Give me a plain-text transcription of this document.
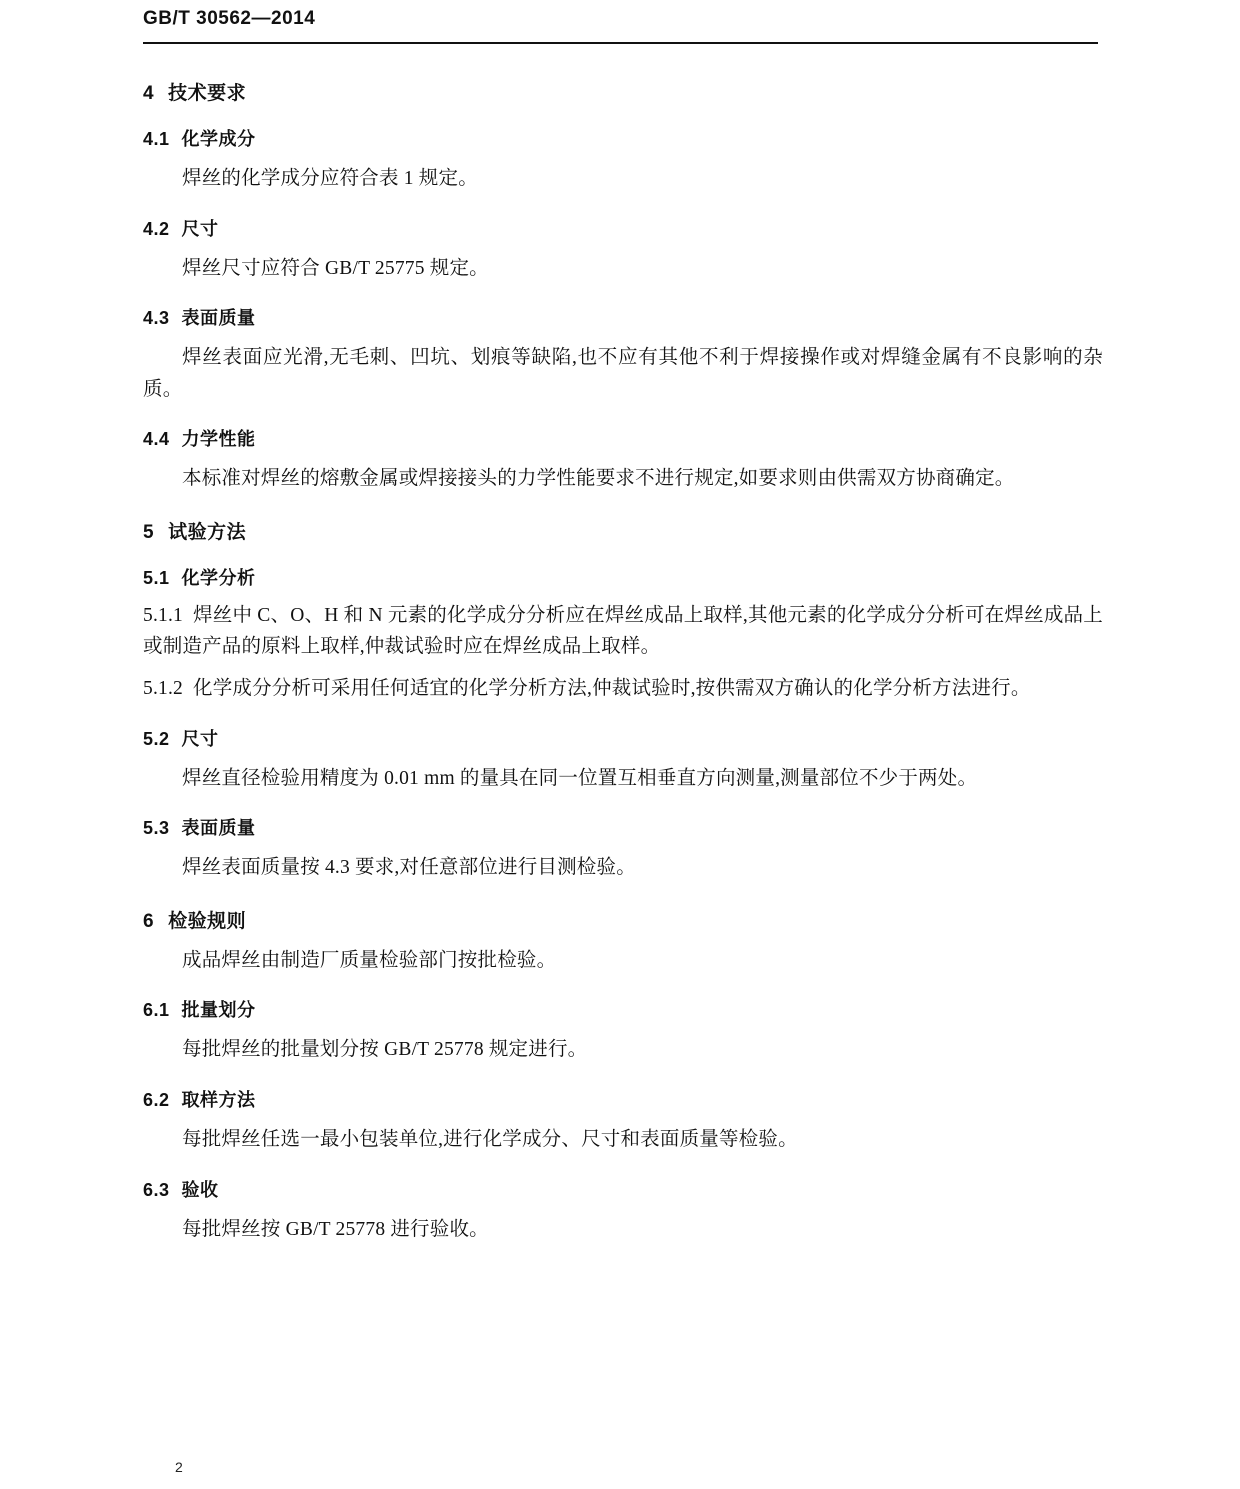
GB/T 30562—2014
4 技术要求
4.1 化学成分

焊丝的化学成分应符合表 1 规定。

4.2 尺寸

焊丝尺寸应符合 GB/T 25775 规定。

4.3 表面质量

焊丝表面应光滑,无毛刺、凹坑、划痕等缺陷,也不应有其他不利于焊接操作或对焊缝金属有不良影响的杂质。

4.4 力学性能

本标准对焊丝的熔敷金属或焊接接头的力学性能要求不进行规定,如要求则由供需双方协商确定。

5 试验方法
5.1 化学分析

5.1.1 焊丝中 C、O、H 和 N 元素的化学成分分析应在焊丝成品上取样,其他元素的化学成分分析可在焊丝成品上或制造产品的原料上取样,仲裁试验时应在焊丝成品上取样。

5.1.2 化学成分分析可采用任何适宜的化学分析方法,仲裁试验时,按供需双方确认的化学分析方法进行。

5.2 尺寸

焊丝直径检验用精度为 0.01 mm 的量具在同一位置互相垂直方向测量,测量部位不少于两处。

5.3 表面质量

焊丝表面质量按 4.3 要求,对任意部位进行目测检验。

6 检验规则

成品焊丝由制造厂质量检验部门按批检验。

6.1 批量划分

每批焊丝的批量划分按 GB/T 25778 规定进行。

6.2 取样方法

每批焊丝任选一最小包装单位,进行化学成分、尺寸和表面质量等检验。

6.3 验收

每批焊丝按 GB/T 25778 进行验收。

2
